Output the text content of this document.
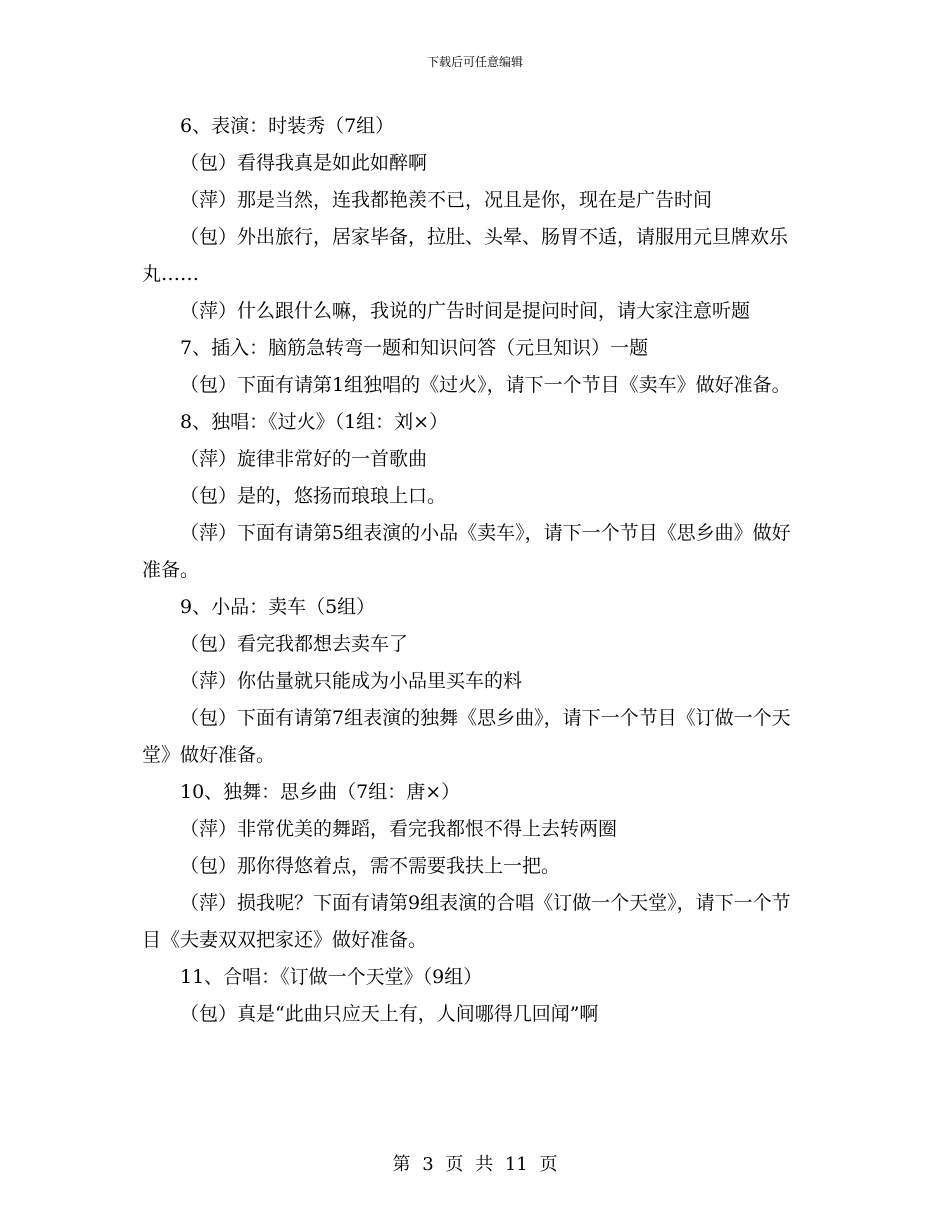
下载后可任意编辑

6、表演：时装秀（7组）

（包）看得我真是如此如醉啊

（萍）那是当然，连我都艳羡不已，况且是你，现在是广告时间

（包）外出旅行，居家毕备，拉肚、头晕、肠胃不适，请服用元旦牌欢乐丸……

（萍）什么跟什么嘛，我说的广告时间是提问时间，请大家注意听题

7、插入：脑筋急转弯一题和知识问答（元旦知识）一题

（包）下面有请第1组独唱的《过火》，请下一个节目《卖车》做好准备。

8、独唱：《过火》（1组：刘×）

（萍）旋律非常好的一首歌曲

（包）是的，悠扬而琅琅上口。

（萍）下面有请第5组表演的小品《卖车》，请下一个节目《思乡曲》做好准备。

9、小品：卖车（5组）

（包）看完我都想去卖车了

（萍）你估量就只能成为小品里买车的料

（包）下面有请第7组表演的独舞《思乡曲》，请下一个节目《订做一个天堂》做好准备。

10、独舞：思乡曲（7组：唐×）

（萍）非常优美的舞蹈，看完我都恨不得上去转两圈

（包）那你得悠着点，需不需要我扶上一把。

（萍）损我呢？下面有请第9组表演的合唱《订做一个天堂》，请下一个节目《夫妻双双把家还》做好准备。

11、合唱：《订做一个天堂》（9组）

（包）真是“此曲只应天上有，人间哪得几回闻”啊

第 3 页 共 11 页
